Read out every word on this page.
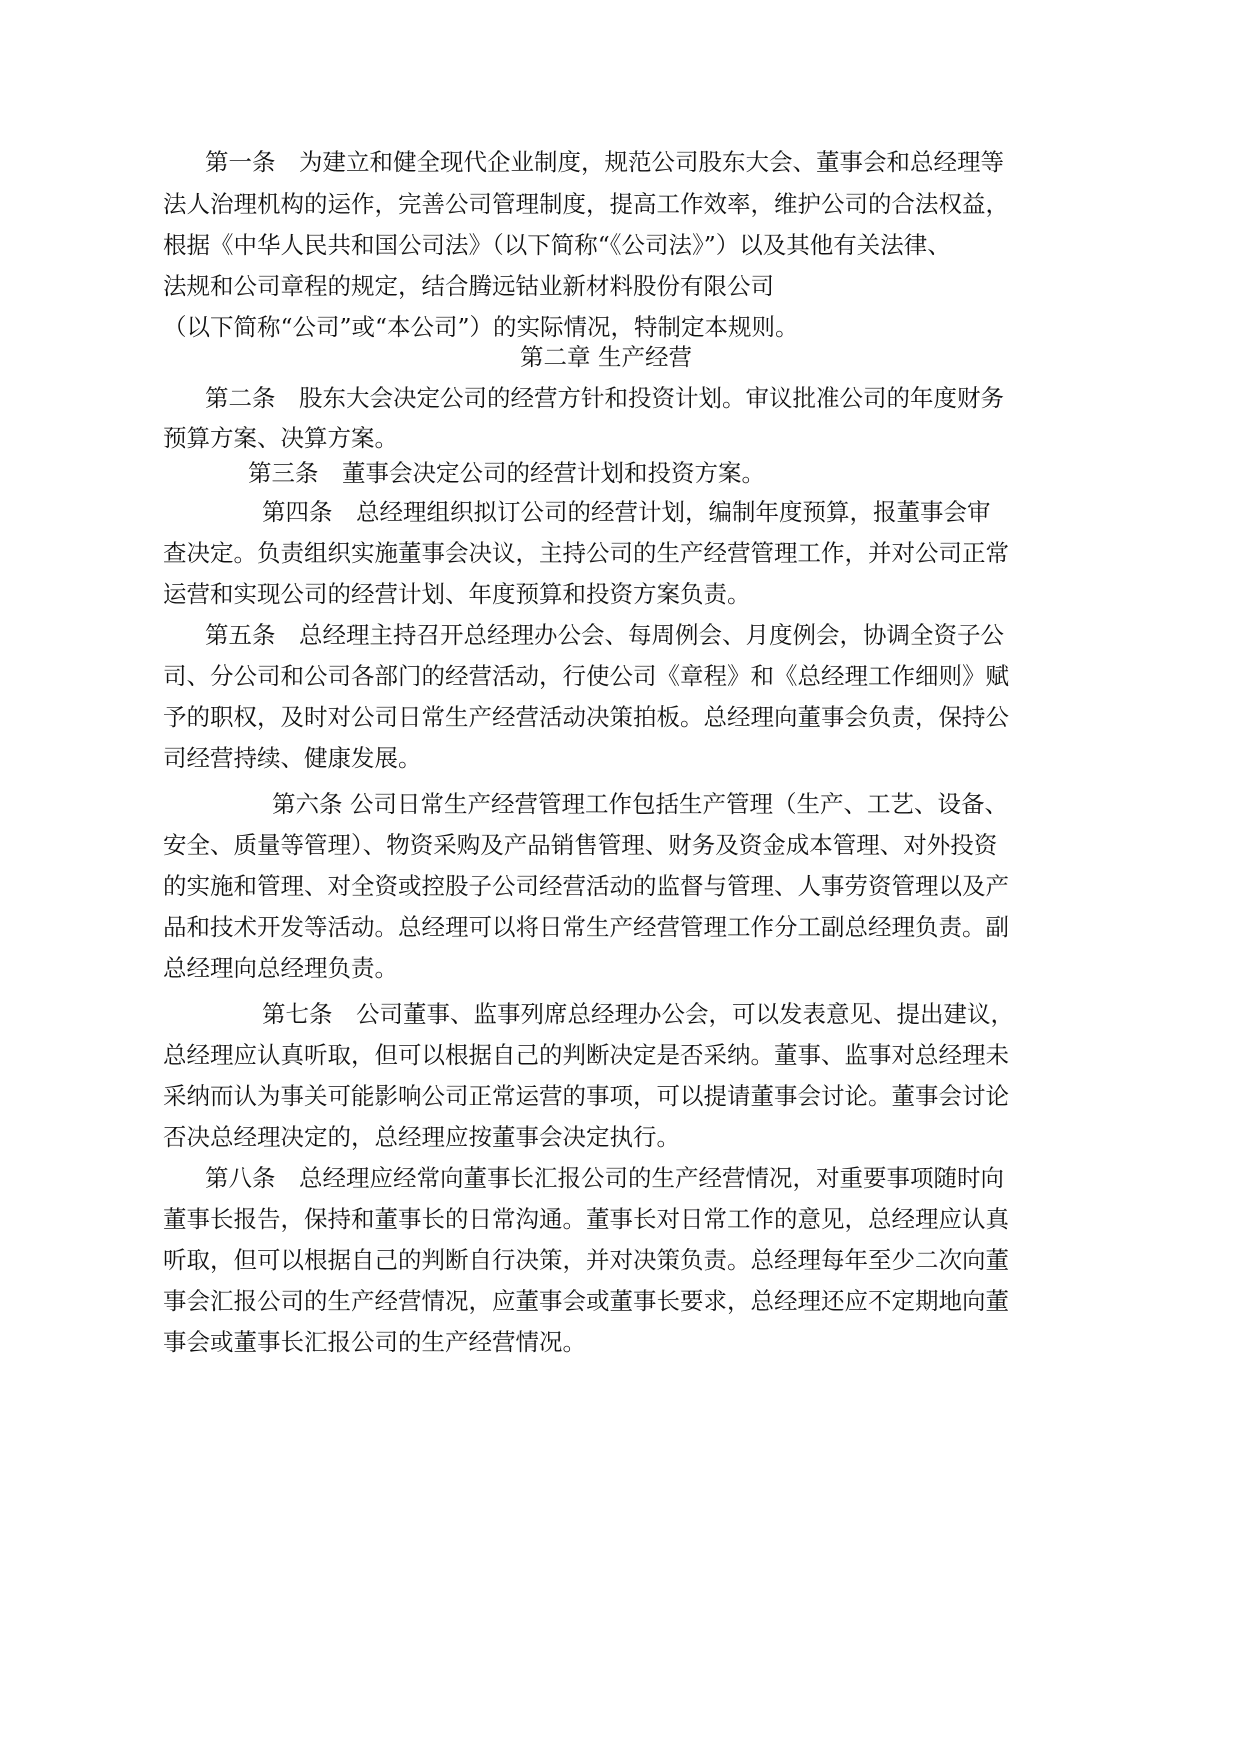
第一条　为建立和健全现代企业制度，规范公司股东大会、董事会和总经理等
法人治理机构的运作，完善公司管理制度，提高工作效率，维护公司的合法权益，
根据《中华人民共和国公司法》（以下简称“《公司法》”）以及其他有关法律、
法规和公司章程的规定，结合腾远钴业新材料股份有限公司
（以下简称“公司”或“本公司”）的实际情况，特制定本规则。
第二章 生产经营
第二条　股东大会决定公司的经营方针和投资计划。审议批准公司的年度财务
预算方案、决算方案。
第三条　董事会决定公司的经营计划和投资方案。
第四条　总经理组织拟订公司的经营计划，编制年度预算，报董事会审
查决定。负责组织实施董事会决议，主持公司的生产经营管理工作，并对公司正常
运营和实现公司的经营计划、年度预算和投资方案负责。
第五条　总经理主持召开总经理办公会、每周例会、月度例会，协调全资子公
司、分公司和公司各部门的经营活动，行使公司《章程》和《总经理工作细则》赋
予的职权，及时对公司日常生产经营活动决策拍板。总经理向董事会负责，保持公
司经营持续、健康发展。
第六条 公司日常生产经营管理工作包括生产管理（生产、工艺、设备、
安全、质量等管理）、物资采购及产品销售管理、财务及资金成本管理、对外投资
的实施和管理、对全资或控股子公司经营活动的监督与管理、人事劳资管理以及产
品和技术开发等活动。总经理可以将日常生产经营管理工作分工副总经理负责。副
总经理向总经理负责。
第七条　公司董事、监事列席总经理办公会，可以发表意见、提出建议，
总经理应认真听取，但可以根据自己的判断决定是否采纳。董事、监事对总经理未
采纳而认为事关可能影响公司正常运营的事项，可以提请董事会讨论。董事会讨论
否决总经理决定的，总经理应按董事会决定执行。
第八条　总经理应经常向董事长汇报公司的生产经营情况，对重要事项随时向
董事长报告，保持和董事长的日常沟通。董事长对日常工作的意见，总经理应认真
听取，但可以根据自己的判断自行决策，并对决策负责。总经理每年至少二次向董
事会汇报公司的生产经营情况，应董事会或董事长要求，总经理还应不定期地向董
事会或董事长汇报公司的生产经营情况。
